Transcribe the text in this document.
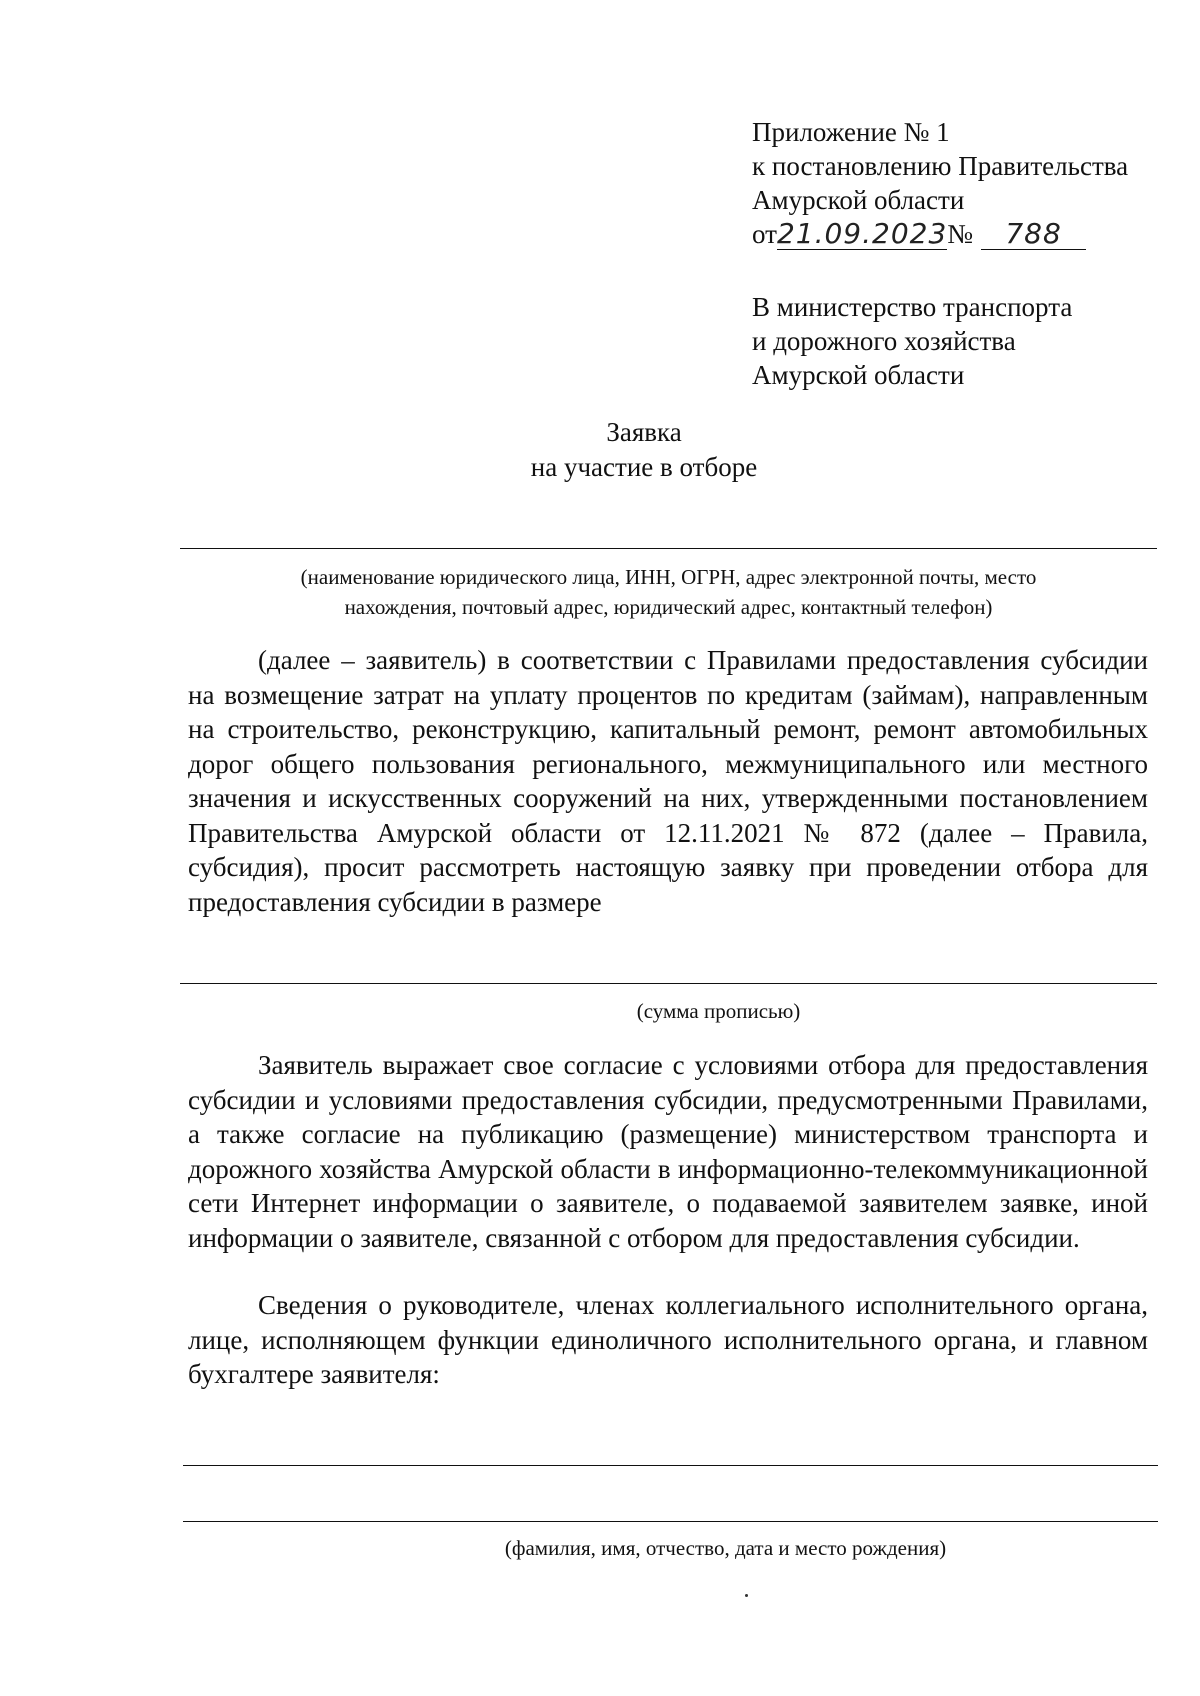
Приложение № 1
к постановлению Правительства
Амурской области
от21.09.2023№ 788
В министерство транспорта
и дорожного хозяйства
Амурской области
Заявка
на участие в отборе
(наименование юридического лица, ИНН, ОГРН, адрес электронной почты, место
нахождения, почтовый адрес, юридический адрес, контактный телефон)

(далее – заявитель) в соответствии с Правилами предоставления субсидии на возмещение затрат на уплату процентов по кредитам (займам), направленным на строительство, реконструкцию, капитальный ремонт, ремонт автомобильных дорог общего пользования регионального, межмуниципального или местного значения и искусственных сооружений на них, утвержденными постановлением Правительства Амурской области от 12.11.2021 № 872 (далее – Правила, субсидия), просит рассмотреть настоящую заявку при проведении отбора для предоставления субсидии в размере

(сумма прописью)

Заявитель выражает свое согласие с условиями отбора для предоставления субсидии и условиями предоставления субсидии, предусмотренными Правилами, а также согласие на публикацию (размещение) министерством транспорта и дорожного хозяйства Амурской области в информационно-телекоммуникационной сети Интернет информации о заявителе, о подаваемой заявителем заявке, иной информации о заявителе, связанной с отбором для предоставления субсидии.

Сведения о руководителе, членах коллегиального исполнительного органа, лице, исполняющем функции единоличного исполнительного органа, и главном бухгалтере заявителя:

(фамилия, имя, отчество, дата и место рождения)
